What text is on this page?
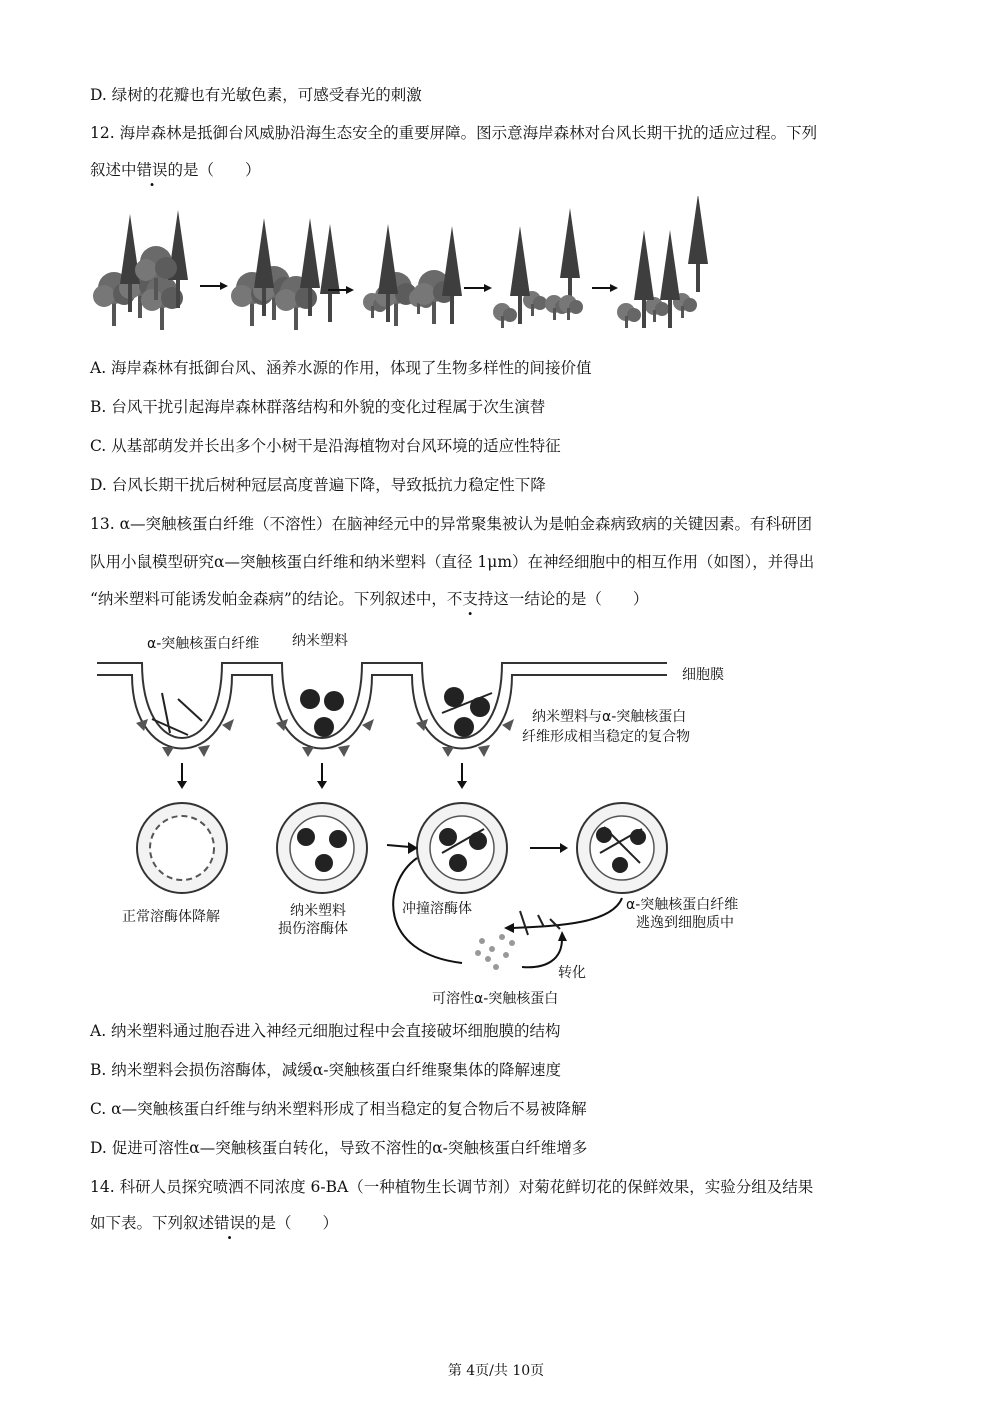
D. 绿树的花瓣也有光敏色素，可感受春光的刺激
12. 海岸森林是抵御台风威胁沿海生态安全的重要屏障。图示意海岸森林对台风长期干扰的适应过程。下列
叙述中错误的是（　　）
A. 海岸森林有抵御台风、涵养水源的作用，体现了生物多样性的间接价值
B. 台风干扰引起海岸森林群落结构和外貌的变化过程属于次生演替
C. 从基部萌发并长出多个小树干是沿海植物对台风环境的适应性特征
D. 台风长期干扰后树种冠层高度普遍下降，导致抵抗力稳定性下降
13. α—突触核蛋白纤维（不溶性）在脑神经元中的异常聚集被认为是帕金森病致病的关键因素。有科研团
队用小鼠模型研究α—突触核蛋白纤维和纳米塑料（直径 1μm）在神经细胞中的相互作用（如图），并得出
“纳米塑料可能诱发帕金森病”的结论。下列叙述中，不支持这一结论的是（　　）
α-突触核蛋白纤维 纳米塑料
细胞膜
纳米塑料与α-突触核蛋白
纤维形成相当稳定的复合物
正常溶酶体降解	纳米塑料
损伤溶酶体
冲撞溶酶体	α-突触核蛋白纤维
逃逸到细胞质中
转化
可溶性α-突触核蛋白
A. 纳米塑料通过胞吞进入神经元细胞过程中会直接破坏细胞膜的结构
B. 纳米塑料会损伤溶酶体，减缓α-突触核蛋白纤维聚集体的降解速度
C. α—突触核蛋白纤维与纳米塑料形成了相当稳定的复合物后不易被降解
D. 促进可溶性α—突触核蛋白转化，导致不溶性的α-突触核蛋白纤维增多
14. 科研人员探究喷洒不同浓度 6-BA（一种植物生长调节剂）对菊花鲜切花的保鲜效果，实验分组及结果
如下表。下列叙述错误的是（　　）
第 4页/共 10页
